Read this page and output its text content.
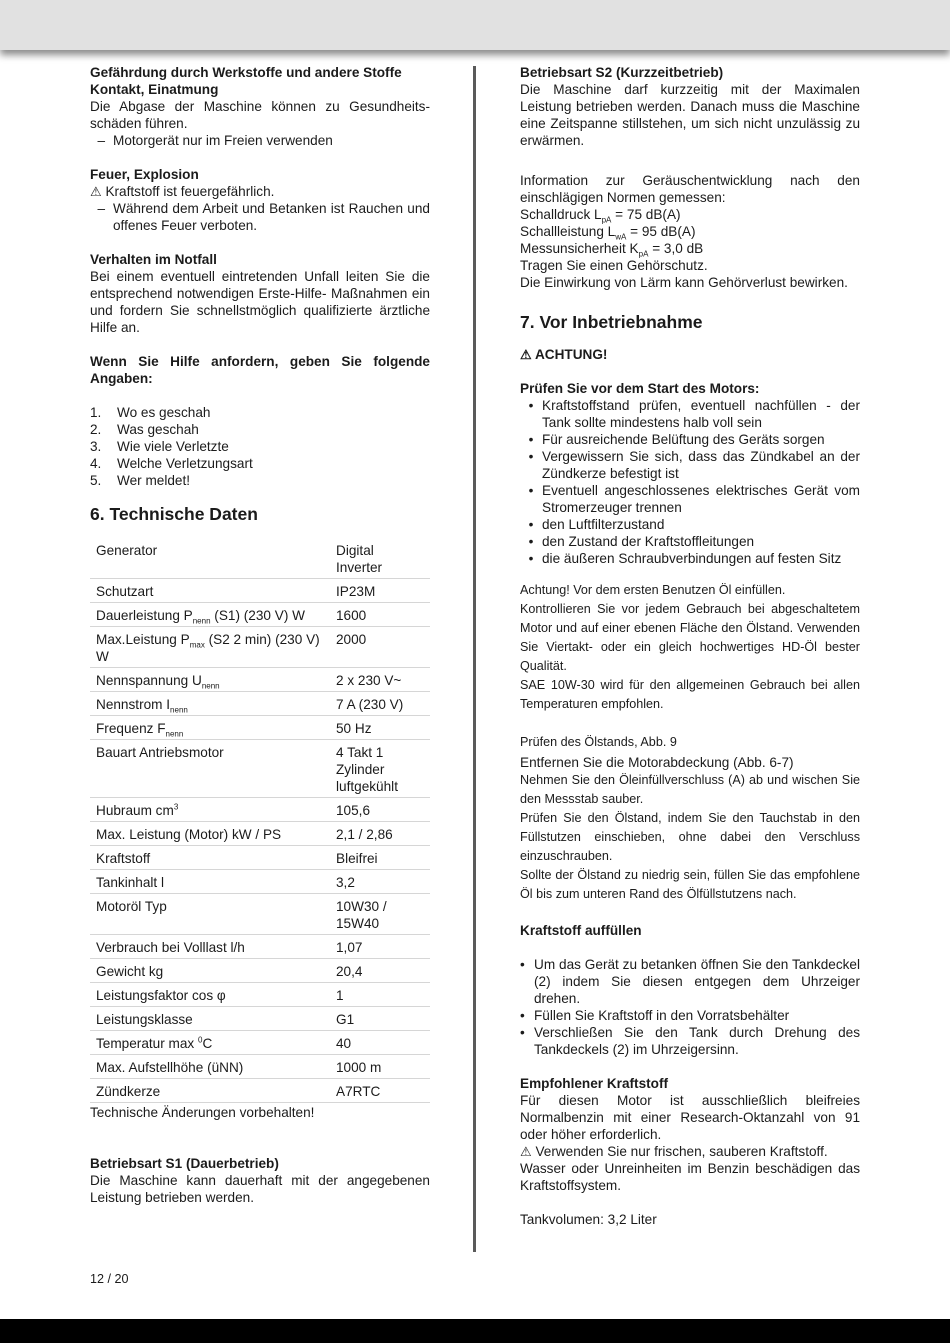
Gefährdung durch Werkstoffe und andere Stoffe
Kontakt, Einatmung
Die Abgase der Maschine können zu Gesundheits-schäden führen.
– Motorgerät nur im Freien verwenden
Feuer, Explosion
⚠ Kraftstoff ist feuergefährlich.
– Während dem Arbeit und Betanken ist Rauchen und offenes Feuer verboten.
Verhalten im Notfall
Bei einem eventuell eintretenden Unfall leiten Sie die entsprechend notwendigen Erste-Hilfe- Maßnahmen ein und fordern Sie schnellstmöglich qualifizierte ärztliche Hilfe an.
Wenn Sie Hilfe anfordern, geben Sie folgende Angaben:
1.	Wo es geschah
2.	Was geschah
3.	Wie viele Verletzte
4.	Welche Verletzungsart
5.	Wer meldet!
6. Technische Daten
Generator	Digital Inverter
Schutzart	IP23M
Dauerleistung $P_{nenn}$ (S1) (230 V) W	1600
Max.Leistung $P_{max}$ (S2 2 min) (230 V) W	2000
Nennspannung $U_{nenn}$	2 x 230 V~
Nennstrom $I_{nenn}$	7 A (230 V)
Frequenz $F_{nenn}$	50 Hz
Bauart Antriebsmotor	4 Takt 1 Zylinder luftgekühlt
Hubraum $cm^3$	105,6
Max. Leistung (Motor) kW / PS	2,1 / 2,86
Kraftstoff	Bleifrei
Tankinhalt l	3,2
Motoröl Typ	10W30 / 15W40
Verbrauch bei Volllast l/h	1,07
Gewicht kg	20,4
Leistungsfaktor cos φ	1
Leistungsklasse	G1
Temperatur max $^0$C	40
Max. Aufstellhöhe (üNN)	1000 m
Zündkerze	A7RTC
Technische Änderungen vorbehalten!
Betriebsart S1 (Dauerbetrieb)
Die Maschine kann dauerhaft mit der angegebenen Leistung betrieben werden.
Betriebsart S2 (Kurzzeitbetrieb)
Die Maschine darf kurzzeitig mit der Maximalen Leistung betrieben werden. Danach muss die Maschine eine Zeitspanne stillstehen, um sich nicht unzulässig zu erwärmen.
Information zur Geräuschentwicklung nach den einschlägigen Normen gemessen:
Schalldruck $L_{pA} = 75$ dB(A)
Schallleistung $L_{wA} = 95$ dB(A)
Messunsicherheit $K_{pA} = 3,0$ dB
Tragen Sie einen Gehörschutz.
Die Einwirkung von Lärm kann Gehörverlust bewirken.
7. Vor Inbetriebnahme
⚠ ACHTUNG!
Prüfen Sie vor dem Start des Motors:
• Kraftstoffstand prüfen, eventuell nachfüllen - der Tank sollte mindestens halb voll sein
• Für ausreichende Belüftung des Geräts sorgen
• Vergewissern Sie sich, dass das Zündkabel an der Zündkerze befestigt ist
• Eventuell angeschlossenes elektrisches Gerät vom Stromerzeuger trennen
• den Luftfilterzustand
• den Zustand der Kraftstoffleitungen
• die äußeren Schraubverbindungen auf festen Sitz
Achtung! Vor dem ersten Benutzen Öl einfüllen.
Kontrollieren Sie vor jedem Gebrauch bei abgeschaltetem Motor und auf einer ebenen Fläche den Ölstand. Verwenden Sie Viertakt- oder ein gleich hochwertiges HD-Öl bester Qualität.
SAE 10W-30 wird für den allgemeinen Gebrauch bei allen Temperaturen empfohlen.
Prüfen des Ölstands, Abb. 9
Entfernen Sie die Motorabdeckung (Abb. 6-7)
Nehmen Sie den Öleinfüllverschluss (A) ab und wischen Sie den Messstab sauber.
Prüfen Sie den Ölstand, indem Sie den Tauchstab in den Füllstutzen einschieben, ohne dabei den Verschluss einzuschrauben.
Sollte der Ölstand zu niedrig sein, füllen Sie das empfohlene Öl bis zum unteren Rand des Ölfüllstutzens nach.
Kraftstoff auffüllen
• Um das Gerät zu betanken öffnen Sie den Tankdeckel (2) indem Sie diesen entgegen dem Uhrzeiger drehen.
• Füllen Sie Kraftstoff in den Vorratsbehälter
• Verschließen Sie den Tank durch Drehung des Tankdeckels (2) im Uhrzeigersinn.
Empfohlener Kraftstoff
Für diesen Motor ist ausschließlich bleifreies Normalbenzin mit einer Research-Oktanzahl von 91 oder höher erforderlich.
⚠ Verwenden Sie nur frischen, sauberen Kraftstoff.
Wasser oder Unreinheiten im Benzin beschädigen das Kraftstoffsystem.
Tankvolumen: 3,2 Liter
12 / 20
